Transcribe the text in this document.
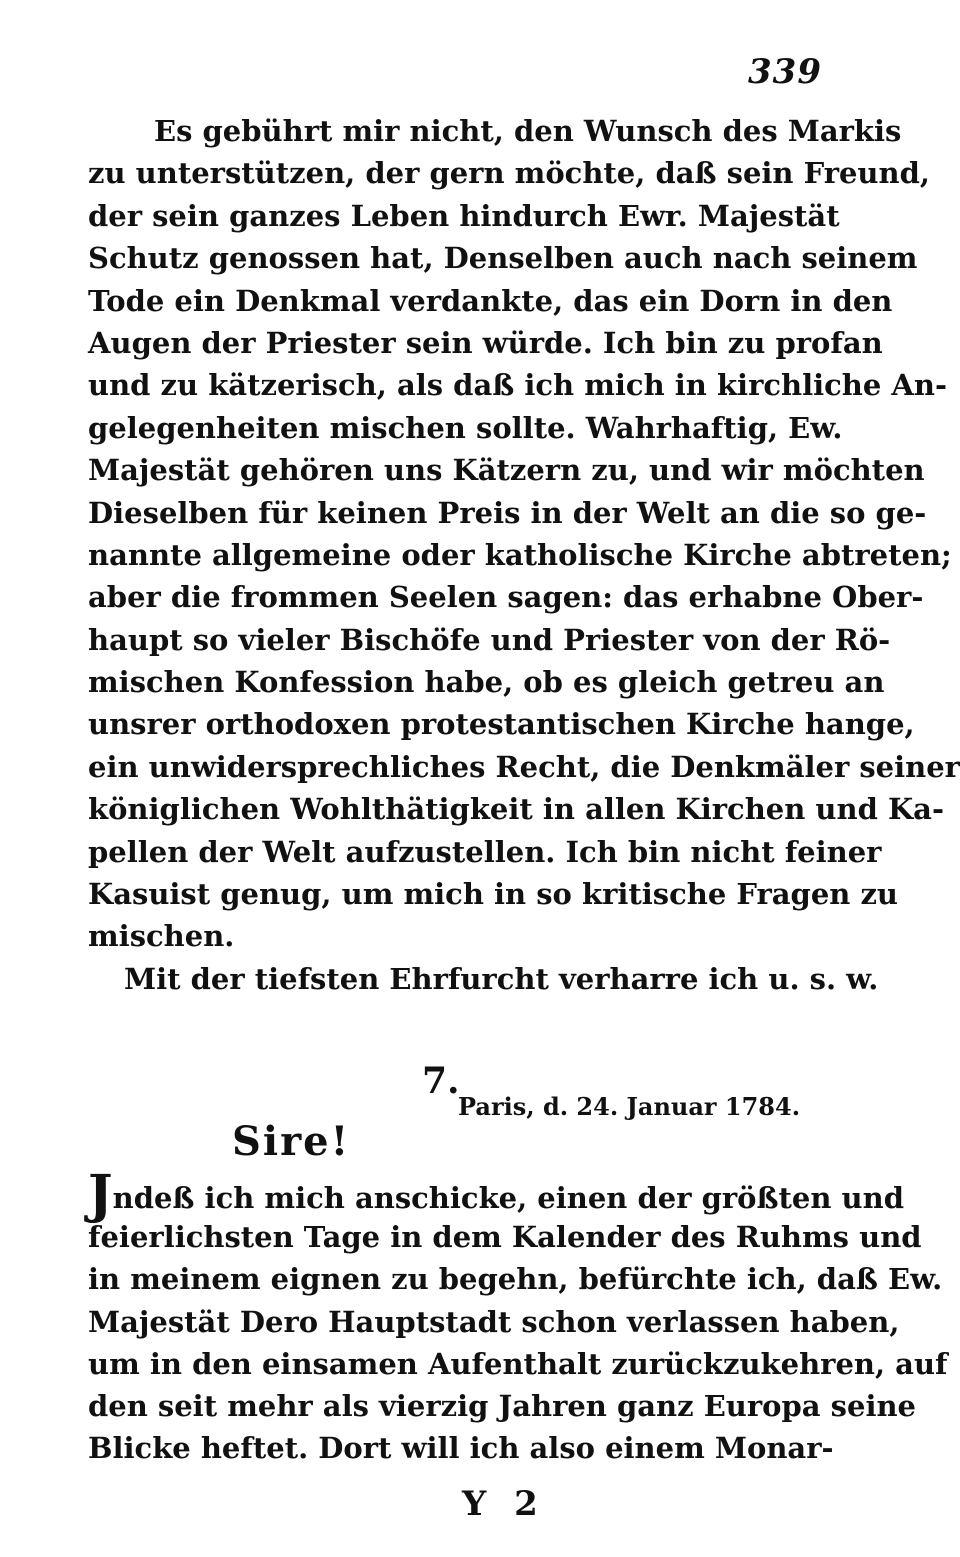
339
Es gebührt mir nicht, den Wunsch des Markis
zu unterstützen, der gern möchte, daß sein Freund,
der sein ganzes Leben hindurch Ewr. Majestät
Schutz genossen hat, Denselben auch nach seinem
Tode ein Denkmal verdankte, das ein Dorn in den
Augen der Priester sein würde. Ich bin zu profan
und zu kätzerisch, als daß ich mich in kirchliche An-
gelegenheiten mischen sollte. Wahrhaftig, Ew.
Majestät gehören uns Kätzern zu, und wir möchten
Dieselben für keinen Preis in der Welt an die so ge-
nannte allgemeine oder katholische Kirche abtreten;
aber die frommen Seelen sagen: das erhabne Ober-
haupt so vieler Bischöfe und Priester von der Rö-
mischen Konfession habe, ob es gleich getreu an
unsrer orthodoxen protestantischen Kirche hange,
ein unwidersprechliches Recht, die Denkmäler seiner
königlichen Wohlthätigkeit in allen Kirchen und Ka-
pellen der Welt aufzustellen. Ich bin nicht feiner
Kasuist genug, um mich in so kritische Fragen zu
mischen.
Mit der tiefsten Ehrfurcht verharre ich u. s. w.
7.
Paris, d. 24. Januar 1784.
Sire!
Jndeß ich mich anschicke, einen der größten und
feierlichsten Tage in dem Kalender des Ruhms und
in meinem eignen zu begehn, befürchte ich, daß Ew.
Majestät Dero Hauptstadt schon verlassen haben,
um in den einsamen Aufenthalt zurückzukehren, auf
den seit mehr als vierzig Jahren ganz Europa seine
Blicke heftet. Dort will ich also einem Monar-
Y 2
